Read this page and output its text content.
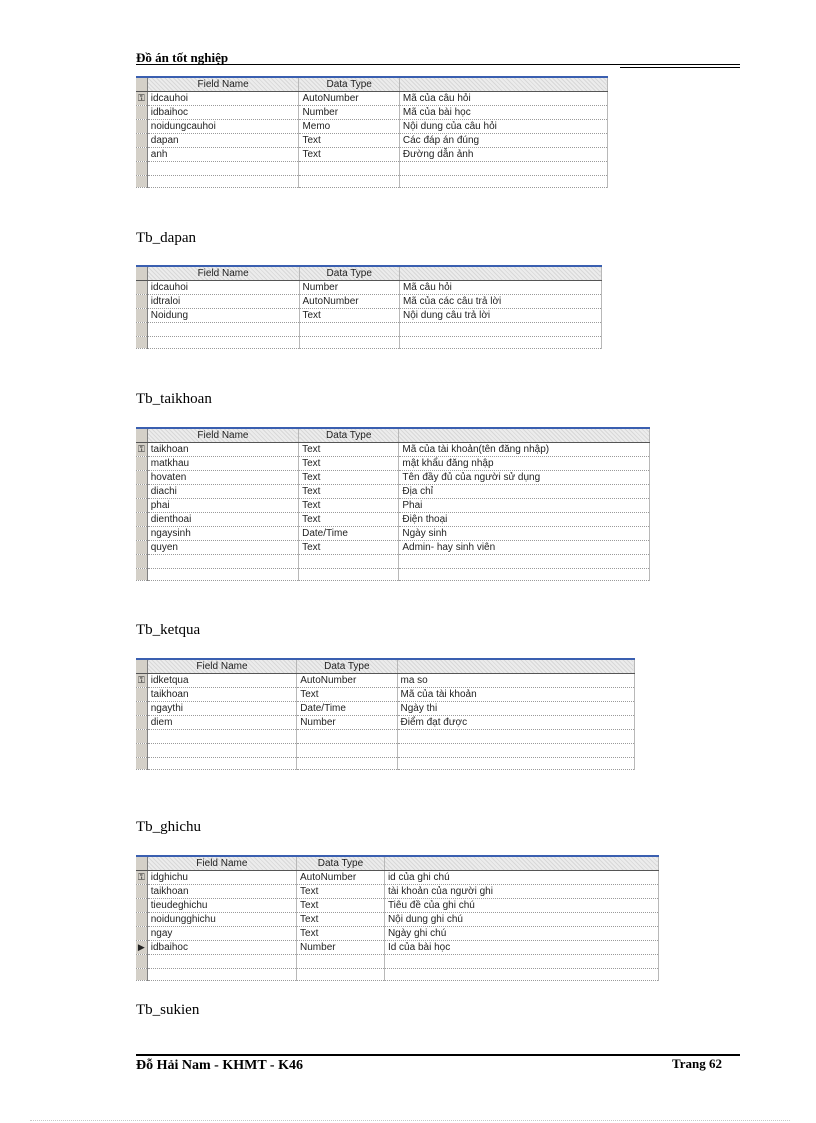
Đồ án tốt nghiệp
	Field Name	Data Type	
⚿	idcauhoi	AutoNumber	Mã của câu hỏi
	idbaihoc	Number	Mã của bài học
	noidungcauhoi	Memo	Nội dung của câu hỏi
	dapan	Text	Các đáp án đúng
	anh	Text	Đường dẫn ảnh

Tb_dapan
	Field Name	Data Type	
	idcauhoi	Number	Mã câu hỏi
	idtraloi	AutoNumber	Mã của các câu trả lời
	Noidung	Text	Nội dung câu trả lời

Tb_taikhoan
	Field Name	Data Type	
⚿	taikhoan	Text	Mã của tài khoản(tên đăng nhập)
	matkhau	Text	mật khẩu đăng nhập
	hovaten	Text	Tên đầy đủ của người sử dụng
	diachi	Text	Địa chỉ
	phai	Text	Phai
	dienthoai	Text	Điện thoại
	ngaysinh	Date/Time	Ngày sinh
	quyen	Text	Admin- hay sinh viên

Tb_ketqua
	Field Name	Data Type	
⚿	idketqua	AutoNumber	ma so
	taikhoan	Text	Mã của tài khoản
	ngaythi	Date/Time	Ngày thi
	diem	Number	Điểm đạt được

Tb_ghichu
	Field Name	Data Type	
⚿	idghichu	AutoNumber	id của ghi chú
	taikhoan	Text	tài khoản của người ghi
	tieudeghichu	Text	Tiêu đề của ghi chú
	noidungghichu	Text	Nội dung ghi chú
	ngay	Text	Ngày ghi chú
▶	idbaihoc	Number	Id của bài học

Tb_sukien
Đỗ Hải Nam - KHMT - K46	Trang 62
